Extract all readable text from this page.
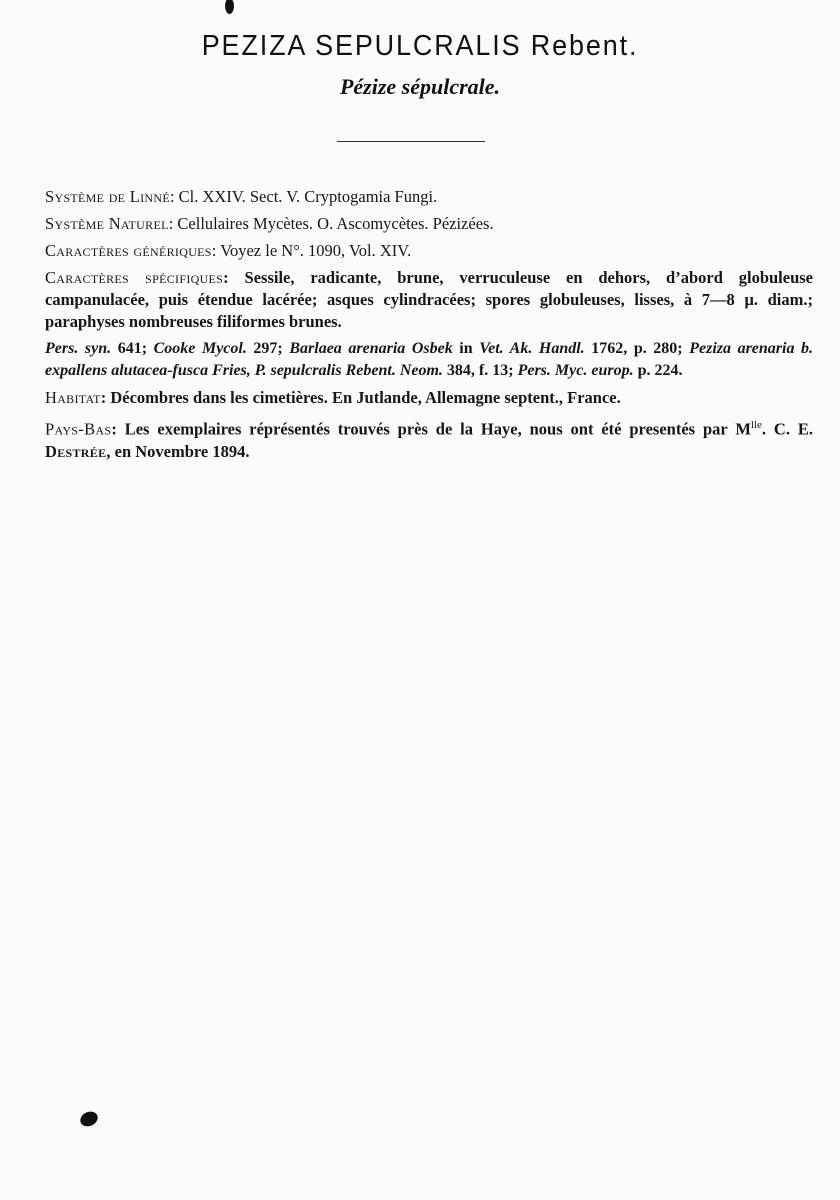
PEZIZA SEPULCRALIS Rebent.
Pézize sépulcrale.

Système de Linné: Cl. XXIV. Sect. V. Cryptogamia Fungi.

Système Naturel: Cellulaires Mycètes. O. Ascomycètes. Pézizées.

Caractères génériques: Voyez le N°. 1090, Vol. XIV.

Caractères spécifiques: Sessile, radicante, brune, verruculeuse en dehors, d’abord globuleuse campanulacée, puis étendue lacérée; asques cylindracées; spores globuleuses, lisses, à 7—8 μ. diam.; paraphyses nombreuses filiformes brunes.

Pers. syn. 641; Cooke Mycol. 297; Barlaea arenaria Osbek in Vet. Ak. Handl. 1762, p. 280; Peziza arenaria b. expallens alutacea-fusca Fries, P. sepulcralis Rebent. Neom. 384, f. 13; Pers. Myc. europ. p. 224.

Habitat: Décombres dans les cimetières. En Jutlande, Allemagne septent., France.

Pays-Bas: Les exemplaires réprésentés trouvés près de la Haye, nous ont été presentés par $M^{lle}$. C. E. Destrée, en Novembre 1894.
